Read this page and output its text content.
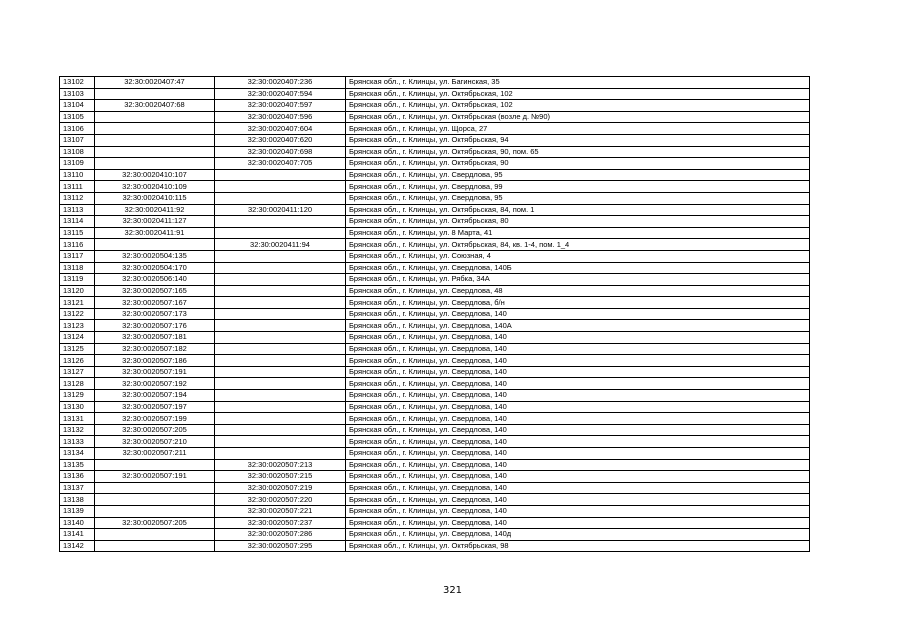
13102	32:30:0020407:47	32:30:0020407:236	Брянская обл., г. Клинцы, ул. Багинская, 35
13103		32:30:0020407:594	Брянская обл., г. Клинцы, ул. Октябрьская, 102
13104	32:30:0020407:68	32:30:0020407:597	Брянская обл., г. Клинцы, ул. Октябрьская, 102
13105		32:30:0020407:596	Брянская обл., г. Клинцы, ул. Октябрьская (возле д. №90)
13106		32:30:0020407:604	Брянская обл., г. Клинцы, ул. Щорса, 27
13107		32:30:0020407:620	Брянская обл., г. Клинцы, ул. Октябрьская, 94
13108		32:30:0020407:698	Брянская обл., г. Клинцы, ул. Октябрьская, 90, пом. 65
13109		32:30:0020407:705	Брянская обл., г. Клинцы, ул. Октябрьская, 90
13110	32:30:0020410:107		Брянская обл., г. Клинцы, ул. Свердлова, 95
13111	32:30:0020410:109		Брянская обл., г. Клинцы, ул. Свердлова, 99
13112	32:30:0020410:115		Брянская обл., г. Клинцы, ул. Свердлова, 95
13113	32:30:0020411:92	32:30:0020411:120	Брянская обл., г. Клинцы, ул. Октябрьская, 84, пом. 1
13114	32:30:0020411:127		Брянская обл., г. Клинцы, ул. Октябрьская, 80
13115	32:30:0020411:91		Брянская обл., г. Клинцы, ул. 8 Марта, 41
13116		32:30:0020411:94	Брянская обл., г. Клинцы, ул. Октябрьская, 84, кв. 1-4, пом. 1_4
13117	32:30:0020504:135		Брянская обл., г. Клинцы, ул. Союзная, 4
13118	32:30:0020504:170		Брянская обл., г. Клинцы, ул. Свердлова, 140Б
13119	32:30:0020506:140		Брянская обл., г. Клинцы, ул. Рябка, 34А
13120	32:30:0020507:165		Брянская обл., г. Клинцы, ул. Свердлова, 48
13121	32:30:0020507:167		Брянская обл., г. Клинцы, ул. Свердлова, б/н
13122	32:30:0020507:173		Брянская обл., г. Клинцы, ул. Свердлова, 140
13123	32:30:0020507:176		Брянская обл., г. Клинцы, ул. Свердлова, 140А
13124	32:30:0020507:181		Брянская обл., г. Клинцы, ул. Свердлова, 140
13125	32:30:0020507:182		Брянская обл., г. Клинцы, ул. Свердлова, 140
13126	32:30:0020507:186		Брянская обл., г. Клинцы, ул. Свердлова, 140
13127	32:30:0020507:191		Брянская обл., г. Клинцы, ул. Свердлова, 140
13128	32:30:0020507:192		Брянская обл., г. Клинцы, ул. Свердлова, 140
13129	32:30:0020507:194		Брянская обл., г. Клинцы, ул. Свердлова, 140
13130	32:30:0020507:197		Брянская обл., г. Клинцы, ул. Свердлова, 140
13131	32:30:0020507:199		Брянская обл., г. Клинцы, ул. Свердлова, 140
13132	32:30:0020507:205		Брянская обл., г. Клинцы, ул. Свердлова, 140
13133	32:30:0020507:210		Брянская обл., г. Клинцы, ул. Свердлова, 140
13134	32:30:0020507:211		Брянская обл., г. Клинцы, ул. Свердлова, 140
13135		32:30:0020507:213	Брянская обл., г. Клинцы, ул. Свердлова, 140
13136	32:30:0020507:191	32:30:0020507:215	Брянская обл., г. Клинцы, ул. Свердлова, 140
13137		32:30:0020507:219	Брянская обл., г. Клинцы, ул. Свердлова, 140
13138		32:30:0020507:220	Брянская обл., г. Клинцы, ул. Свердлова, 140
13139		32:30:0020507:221	Брянская обл., г. Клинцы, ул. Свердлова, 140
13140	32:30:0020507:205	32:30:0020507:237	Брянская обл., г. Клинцы, ул. Свердлова, 140
13141		32:30:0020507:286	Брянская обл., г. Клинцы, ул. Свердлова, 140д
13142		32:30:0020507:295	Брянская обл., г. Клинцы, ул. Октябрьская, 98
321
